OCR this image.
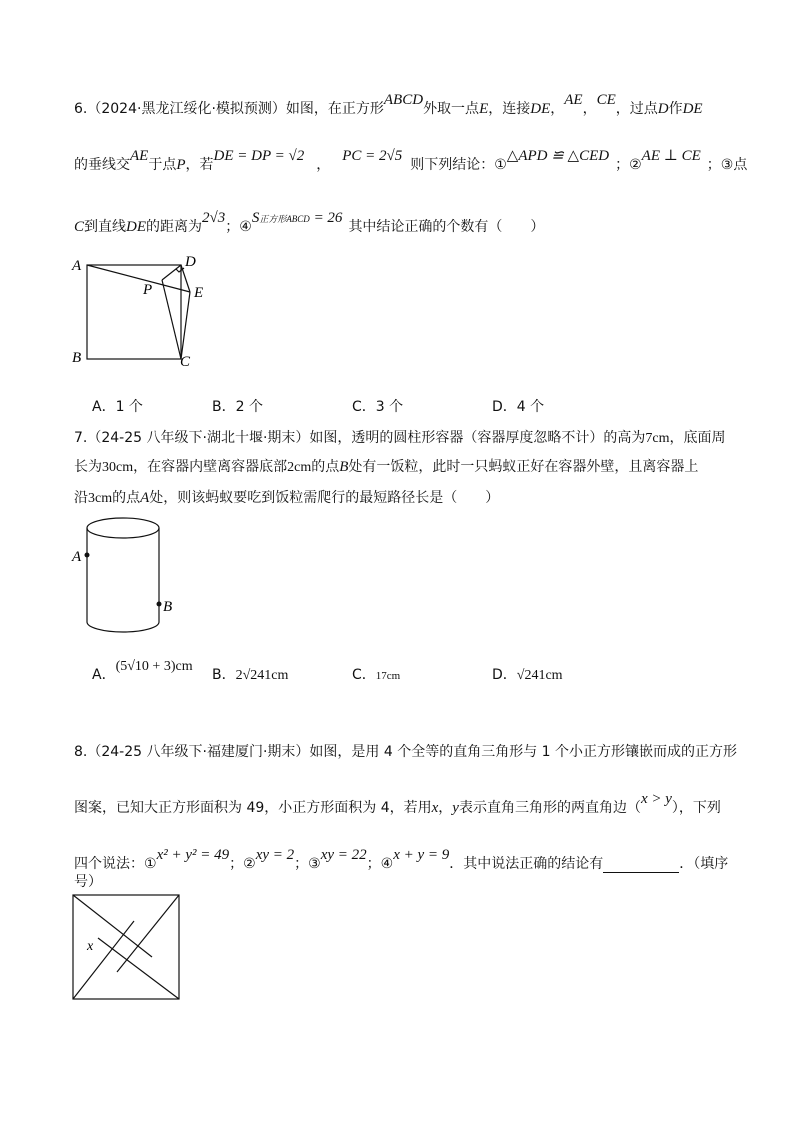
6.（2024·黑龙江绥化·模拟预测）如图，在正方形ABCD外取一点E，连接DE，AE，CE，过点D作DE
的垂线交AE于点P，若DE = DP = √2，PC = 2√5则下列结论：①△APD ≌ △CED；②AE ⊥ CE；③点
C到直线DE的距离为2√3；④S正方形ABCD = 26其中结论正确的个数有（　　）
A	D
E
P
B	C
A．1 个	B．2 个	C．3 个	D．4 个
7.（24-25 八年级下·湖北十堰·期末）如图，透明的圆柱形容器（容器厚度忽略不计）的高为7cm，底面周
长为30cm，在容器内壁离容器底部2cm的点B处有一饭粒，此时一只蚂蚁正好在容器外壁，且离容器上
沿3cm的点A处，则该蚂蚁要吃到饭粒需爬行的最短路径长是（　　）
A
B
A．(5√10 + 3)cm
B．2√241cm	C．17cm	D．√241cm
8.（24-25 八年级下·福建厦门·期末）如图，是用 4 个全等的直角三角形与 1 个小正方形镶嵌而成的正方形
图案，已知大正方形面积为 49，小正方形面积为 4，若用x，y表示直角三角形的两直角边（x > y），下列
四个说法：①x² + y² = 49；②xy = 2；③xy = 22；④x + y = 9．其中说法正确的结论有	．（填序
号）
x
